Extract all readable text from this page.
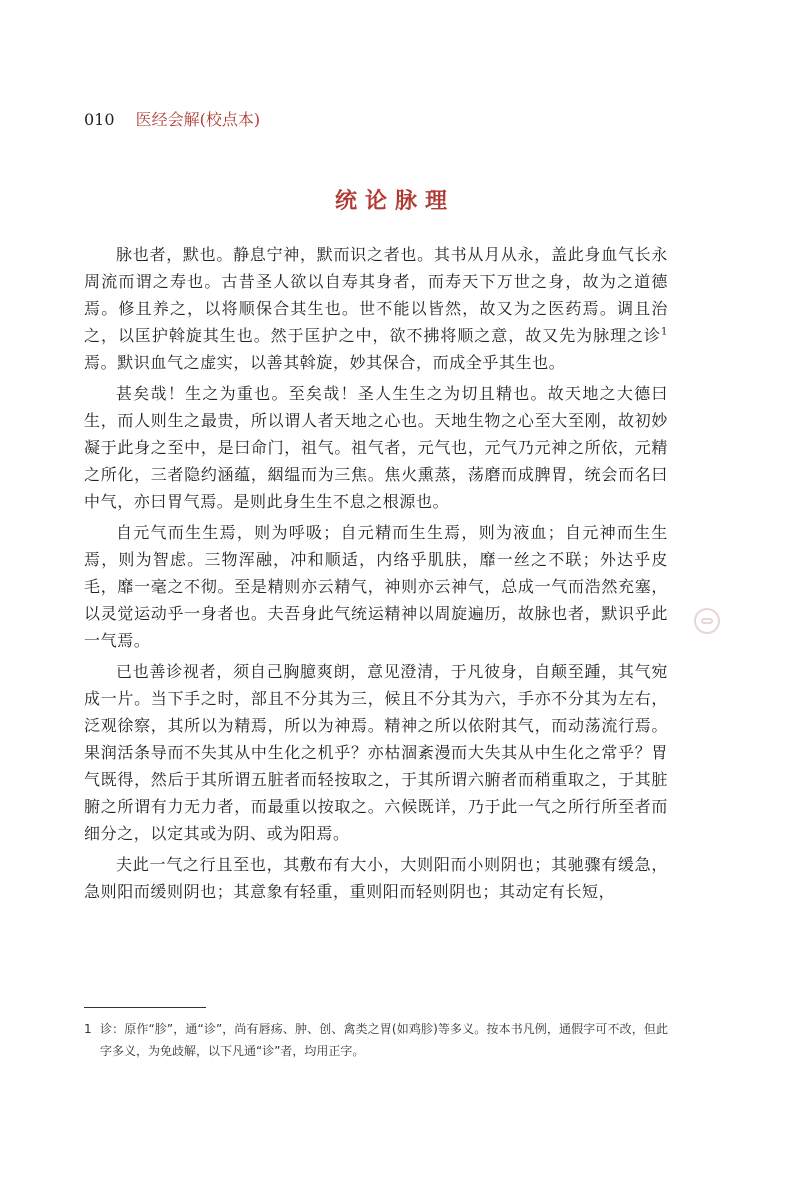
010 医经会解(校点本)
统论脉理

脉也者，默也。静息宁神，默而识之者也。其书从月从永，盖此身血气长永周流而谓之寿也。古昔圣人欲以自寿其身者，而寿天下万世之身，故为之道德焉。修且养之，以将顺保合其生也。世不能以皆然，故又为之医药焉。调且治之，以匡护斡旋其生也。然于匡护之中，欲不拂将顺之意，故又先为脉理之诊$^1$焉。默识血气之虚实，以善其斡旋，妙其保合，而成全乎其生也。

甚矣哉！生之为重也。至矣哉！圣人生生之为切且精也。故天地之大德曰生，而人则生之最贵，所以谓人者天地之心也。天地生物之心至大至刚，故初妙凝于此身之至中，是曰命门，祖气。祖气者，元气也，元气乃元神之所依，元精之所化，三者隐约涵蕴，絪缊而为三焦。焦火熏蒸，荡磨而成脾胃，统会而名曰中气，亦曰胃气焉。是则此身生生不息之根源也。

自元气而生生焉，则为呼吸；自元精而生生焉，则为液血；自元神而生生焉，则为智虑。三物浑融，冲和顺适，内络乎肌肤，靡一丝之不联；外达乎皮毛，靡一毫之不彻。至是精则亦云精气，神则亦云神气，总成一气而浩然充塞，以灵觉运动乎一身者也。夫吾身此气统运精神以周旋遍历，故脉也者，默识乎此一气焉。

已也善诊视者，须自己胸臆爽朗，意见澄清，于凡彼身，自颠至踵，其气宛成一片。当下手之时，部且不分其为三，候且不分其为六，手亦不分其为左右，泛观徐察，其所以为精焉，所以为神焉。精神之所以依附其气，而动荡流行焉。果润活条导而不失其从中生化之机乎？亦枯涸紊漫而大失其从中生化之常乎？胃气既得，然后于其所谓五脏者而轻按取之，于其所谓六腑者而稍重取之，于其脏腑之所谓有力无力者，而最重以按取之。六候既详，乃于此一气之所行所至者而细分之，以定其或为阴、或为阳焉。

夫此一气之行且至也，其敷布有大小，大则阳而小则阴也；其驰骤有缓急，急则阳而缓则阴也；其意象有轻重，重则阳而轻则阴也；其动定有长短，

1 诊：原作“胗”，通“诊”，尚有唇疡、肿、创、禽类之胃(如鸡胗)等多义。按本书凡例，通假字可不改，但此字多义，为免歧解，以下凡通“诊”者，均用正字。
